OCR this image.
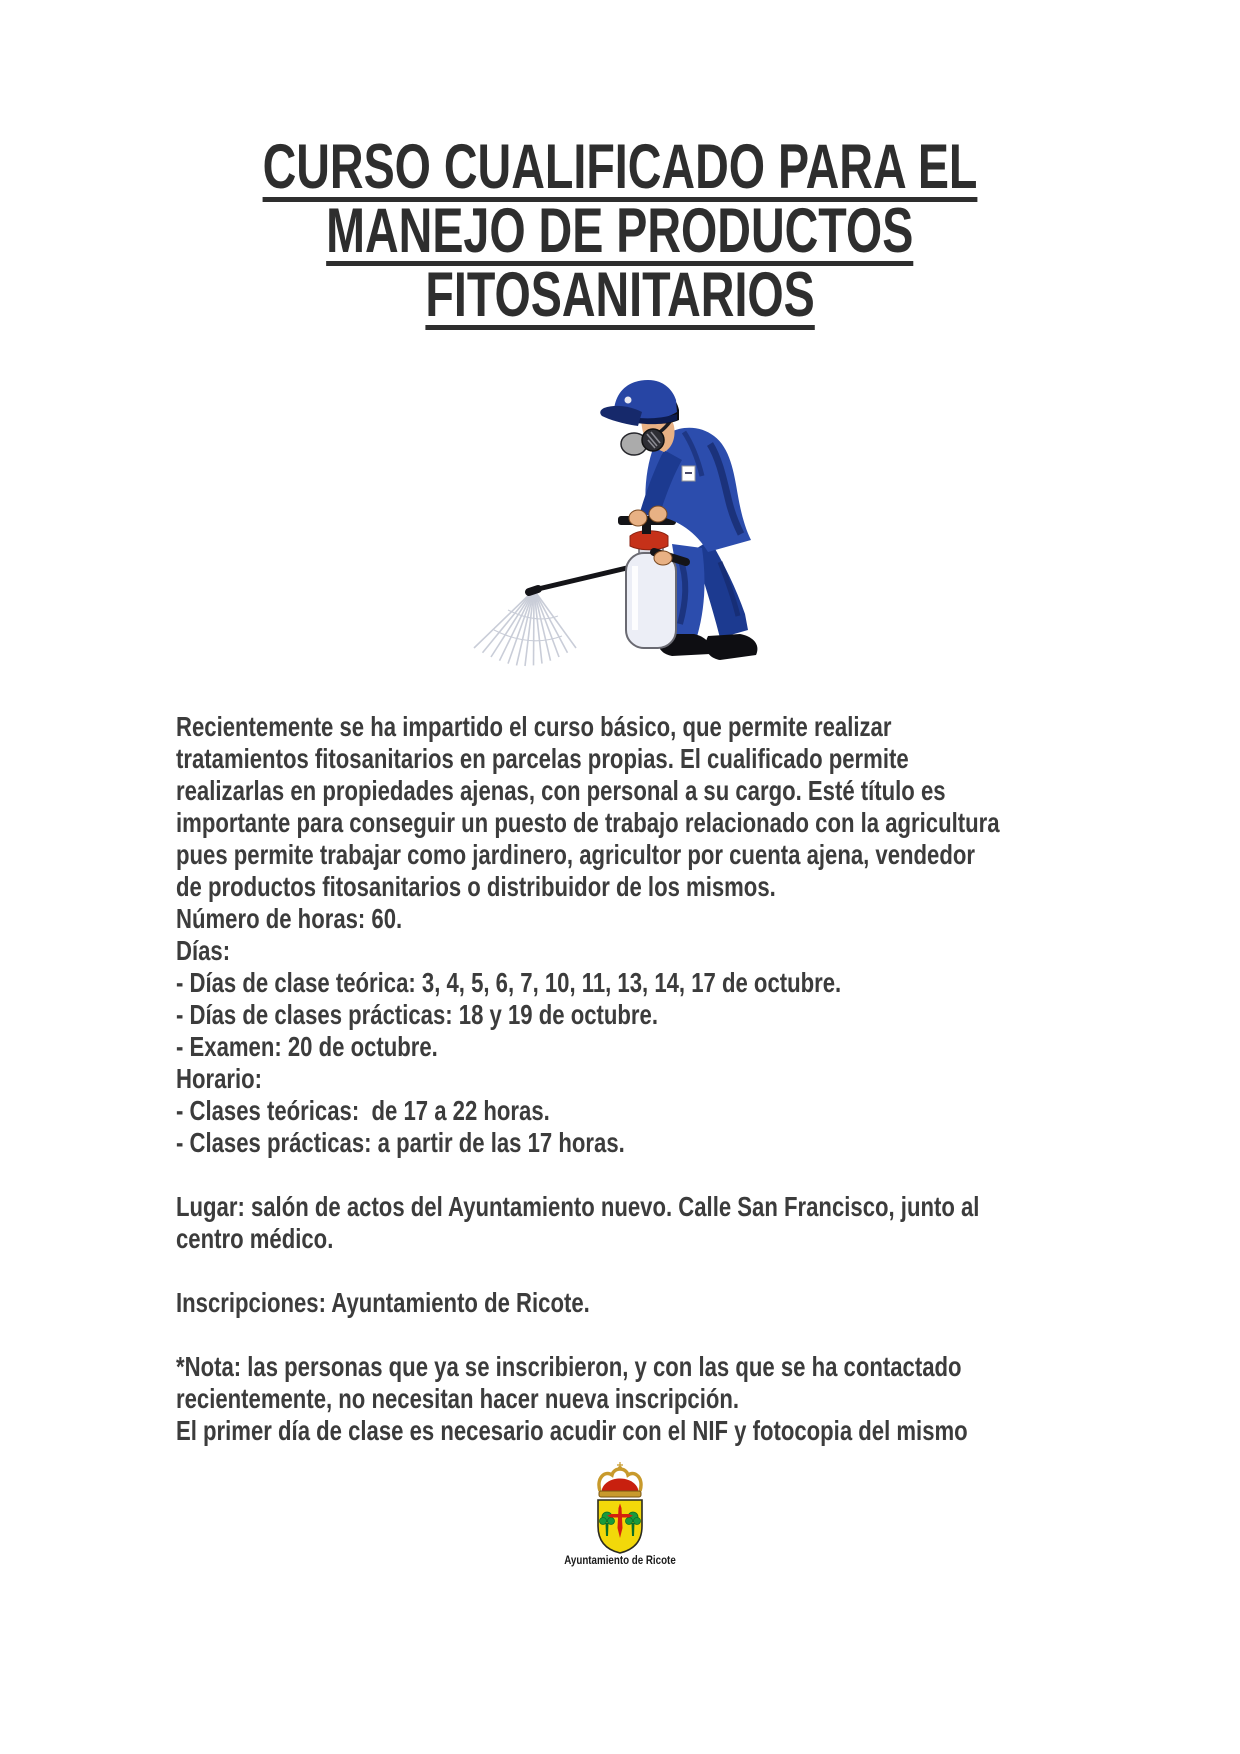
CURSO CUALIFICADO PARA EL
MANEJO DE PRODUCTOS
FITOSANITARIOS
Recientemente se ha impartido el curso básico, que permite realizar
tratamientos fitosanitarios en parcelas propias. El cualificado permite
realizarlas en propiedades ajenas, con personal a su cargo. Esté título es
importante para conseguir un puesto de trabajo relacionado con la agricultura
pues permite trabajar como jardinero, agricultor por cuenta ajena, vendedor
de productos fitosanitarios o distribuidor de los mismos.
Número de horas: 60.
Días:
- Días de clase teórica: 3, 4, 5, 6, 7, 10, 11, 13, 14, 17 de octubre.
- Días de clases prácticas: 18 y 19 de octubre.
- Examen: 20 de octubre.
Horario:
- Clases teóricas:  de 17 a 22 horas.
- Clases prácticas: a partir de las 17 horas.
Lugar: salón de actos del Ayuntamiento nuevo. Calle San Francisco, junto al
centro médico.
Inscripciones: Ayuntamiento de Ricote.
*Nota: las personas que ya se inscribieron, y con las que se ha contactado
recientemente, no necesitan hacer nueva inscripción.
El primer día de clase es necesario acudir con el NIF y fotocopia del mismo
Ayuntamiento de Ricote
